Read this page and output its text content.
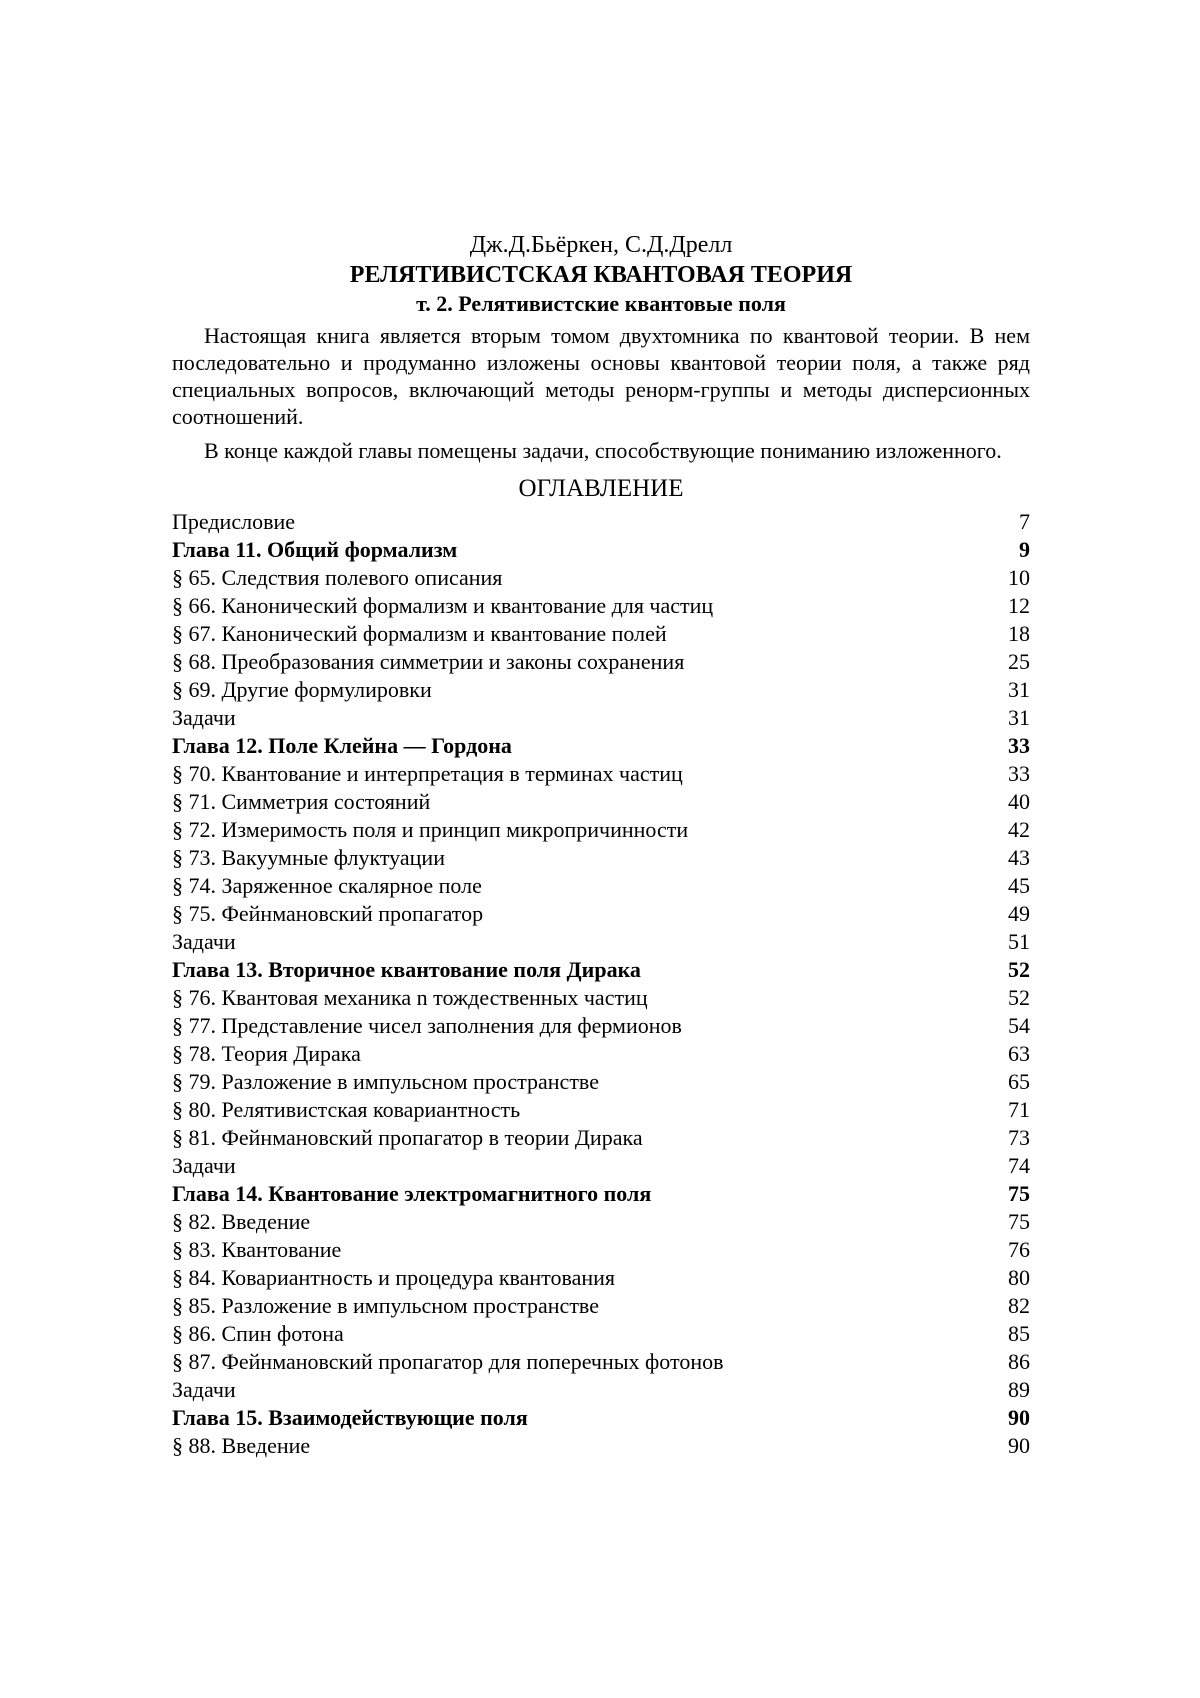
Дж.Д.Бьёркен, С.Д.Дрелл
РЕЛЯТИВИСТСКАЯ КВАНТОВАЯ ТЕОРИЯ
т. 2. Релятивистские квантовые поля

Настоящая книга является вторым томом двухтомника по квантовой теории. В нем последовательно и продуманно изложены основы квантовой теории поля, а также ряд специальных вопросов, включающий методы ренорм-группы и методы дисперсионных соотношений.

В конце каждой главы помещены задачи, способствующие пониманию изложенного.

ОГЛАВЛЕНИЕ
Предисловие	7
Глава 11. Общий формализм	9
§ 65. Следствия полевого описания	10
§ 66. Канонический формализм и квантование для частиц	12
§ 67. Канонический формализм и квантование полей	18
§ 68. Преобразования симметрии и законы сохранения	25
§ 69. Другие формулировки	31
Задачи	31
Глава 12. Поле Клейна — Гордона	33
§ 70. Квантование и интерпретация в терминах частиц	33
§ 71. Симметрия состояний	40
§ 72. Измеримость поля и принцип микропричинности	42
§ 73. Вакуумные флуктуации	43
§ 74. Заряженное скалярное поле	45
§ 75. Фейнмановский пропагатор	49
Задачи	51
Глава 13. Вторичное квантование поля Дирака	52
§ 76. Квантовая механика n тождественных частиц	52
§ 77. Представление чисел заполнения для фермионов	54
§ 78. Теория Дирака	63
§ 79. Разложение в импульсном пространстве	65
§ 80. Релятивистская ковариантность	71
§ 81. Фейнмановский пропагатор в теории Дирака	73
Задачи	74
Глава 14. Квантование электромагнитного поля	75
§ 82. Введение	75
§ 83. Квантование	76
§ 84. Ковариантность и процедура квантования	80
§ 85. Разложение в импульсном пространстве	82
§ 86. Спин фотона	85
§ 87. Фейнмановский пропагатор для поперечных фотонов	86
Задачи	89
Глава 15. Взаимодействующие поля	90
§ 88. Введение	90
